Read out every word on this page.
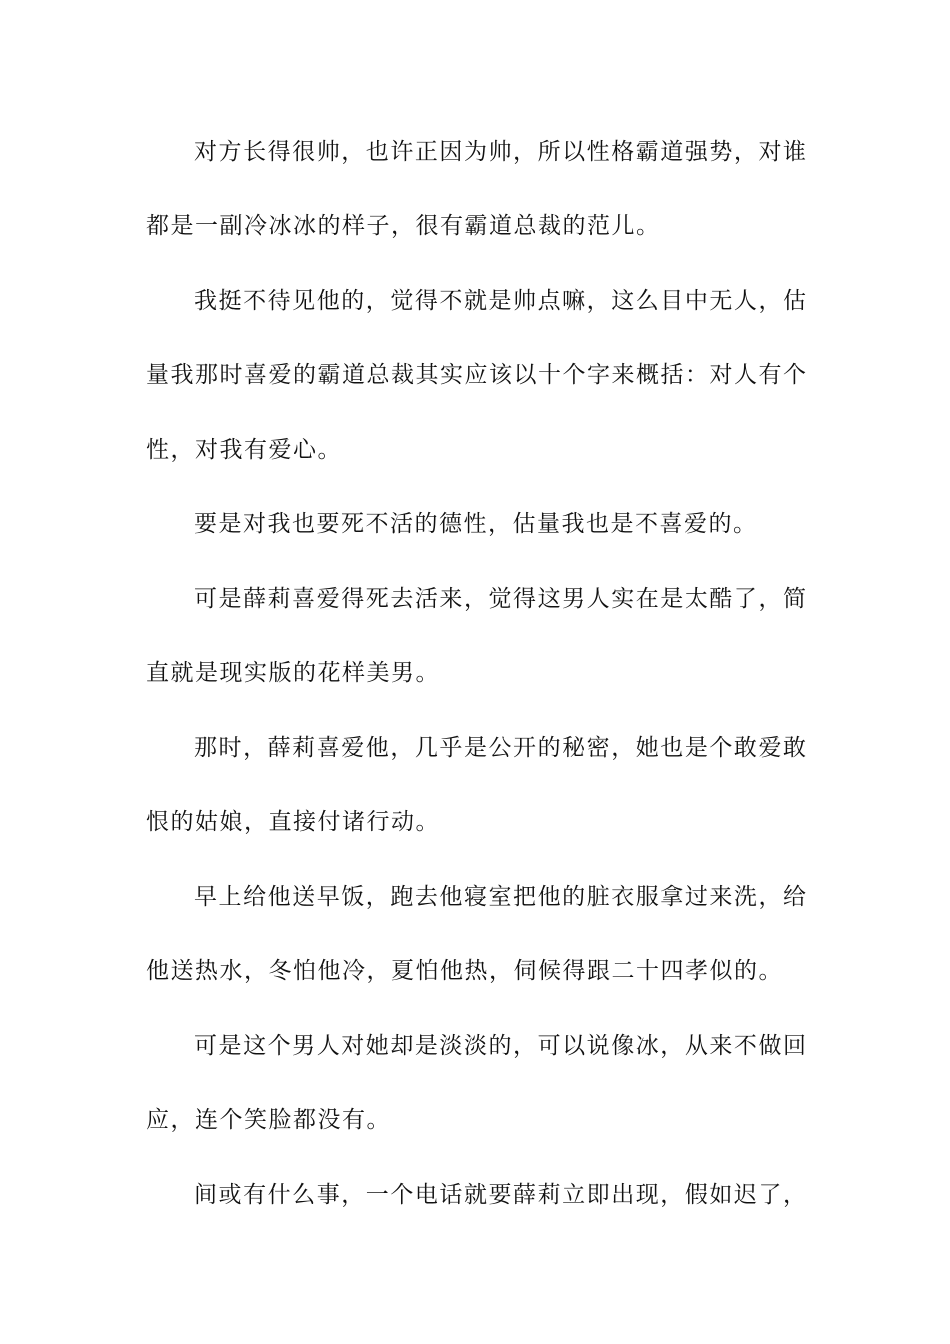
对方长得很帅，也许正因为帅，所以性格霸道强势，对谁
都是一副冷冰冰的样子，很有霸道总裁的范儿。
我挺不待见他的，觉得不就是帅点嘛，这么目中无人，估
量我那时喜爱的霸道总裁其实应该以十个字来概括：对人有个
性，对我有爱心。
要是对我也要死不活的德性，估量我也是不喜爱的。
可是薛莉喜爱得死去活来，觉得这男人实在是太酷了，简
直就是现实版的花样美男。
那时，薛莉喜爱他，几乎是公开的秘密，她也是个敢爱敢
恨的姑娘，直接付诸行动。
早上给他送早饭，跑去他寝室把他的脏衣服拿过来洗，给
他送热水，冬怕他冷，夏怕他热，伺候得跟二十四孝似的。
可是这个男人对她却是淡淡的，可以说像冰，从来不做回
应，连个笑脸都没有。
间或有什么事，一个电话就要薛莉立即出现，假如迟了，
